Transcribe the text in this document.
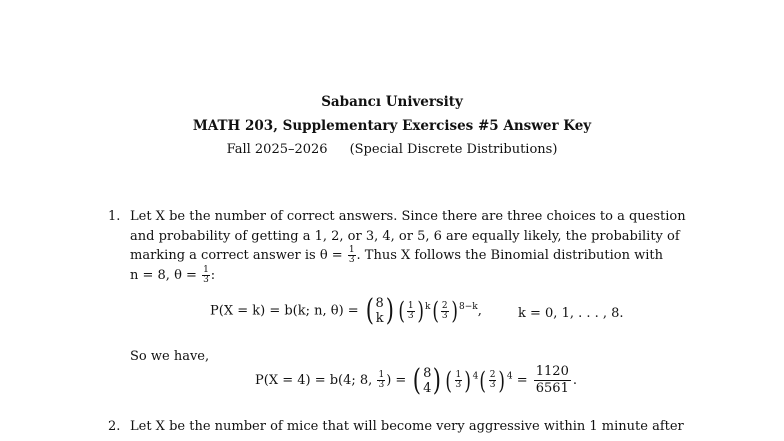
Sabancı University
MATH 203, Supplementary Exercises #5 Answer Key
Fall 2025–2026 (Special Discrete Distributions)
1. Let X be the number of correct answers. Since there are three choices to a question
and probability of getting a 1, 2, or 3, 4, or 5, 6 are equally likely, the probability of
marking a correct answer is $\theta = \frac{1}{3}$ . Thus X follows the Binomial distribution with
n = 8, $\theta = \frac{1}{3}$ :
P(X = k) = b(k; n, θ) = ( 8
k ) ( $\frac{1}{3}$ ) $^k$ ( $\frac{2}{3}$ ) $^{8-k}$,	k = 0, 1, . . . , 8.
So we have,
P(X = 4) = b(4; 8, $\frac{1}{3}$ ) = ( 8
4 ) ( $\frac{1}{3}$ ) $^4$ ( $\frac{2}{3}$ ) $^4 = \frac{1120}{6561}$ .
2. Let X be the number of mice that will become very aggressive within 1 minute after
